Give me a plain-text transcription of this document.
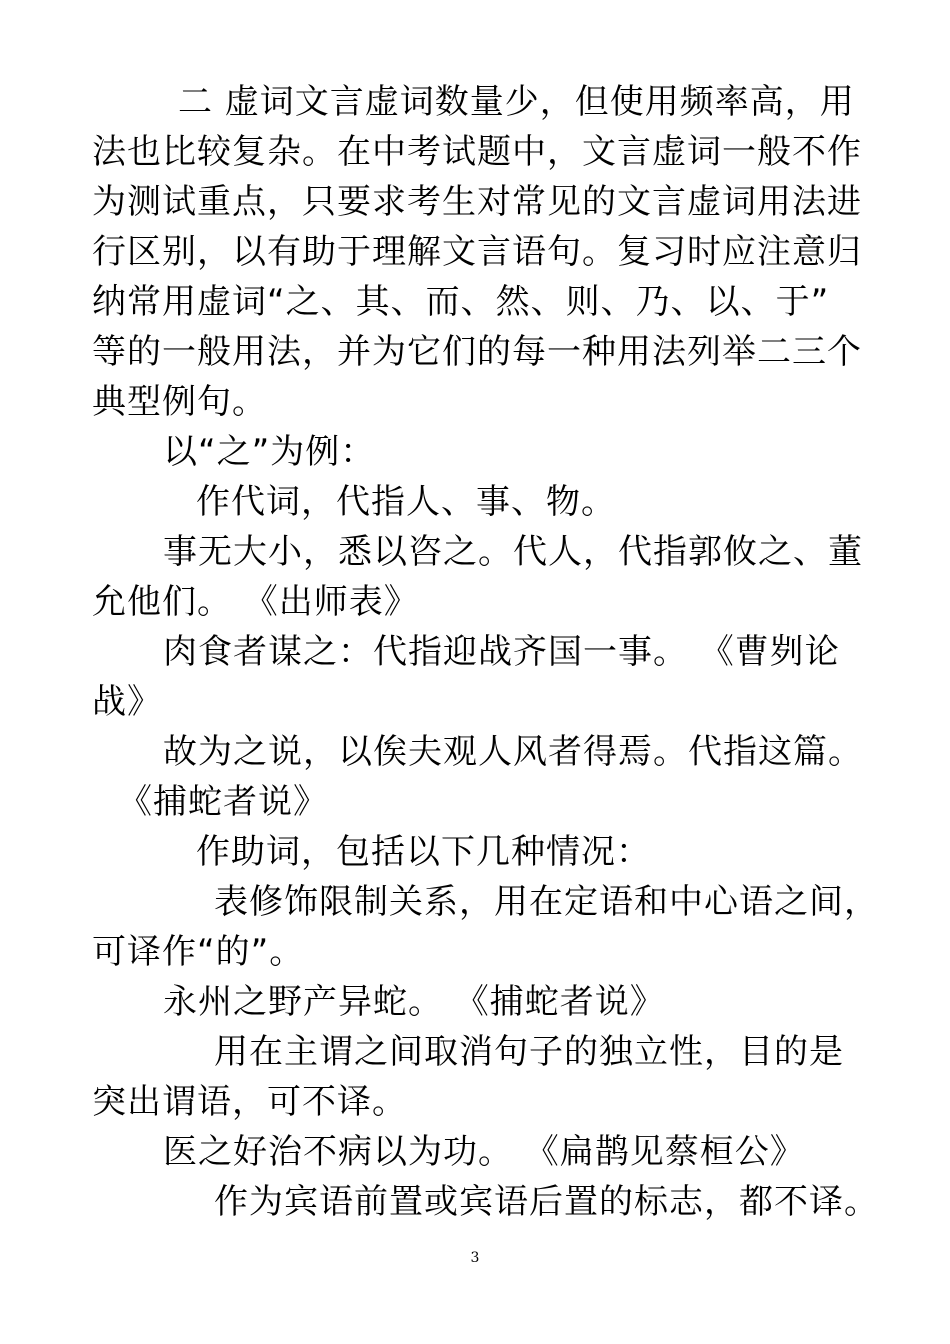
二 虚词文言虚词数量少，但使用频率高，用
法也比较复杂。在中考试题中，文言虚词一般不作
为测试重点，只要求考生对常见的文言虚词用法进
行区别，以有助于理解文言语句。复习时应注意归
纳常用虚词“之、其、而、然、则、乃、以、于”
等的一般用法，并为它们的每一种用法列举二三个
典型例句。
以“之”为例：
作代词，代指人、事、物。
事无大小，悉以咨之。代人，代指郭攸之、董
允他们。 《出师表》
肉食者谋之：代指迎战齐国一事。 《曹刿论
战》
故为之说，以俟夫观人风者得焉。代指这篇。
《捕蛇者说》
作助词，包括以下几种情况：
表修饰限制关系，用在定语和中心语之间，
可译作“的”。
永州之野产异蛇。 《捕蛇者说》
用在主谓之间取消句子的独立性，目的是
突出谓语，可不译。
医之好治不病以为功。 《扁鹊见蔡桓公》
作为宾语前置或宾语后置的标志，都不译。
3
